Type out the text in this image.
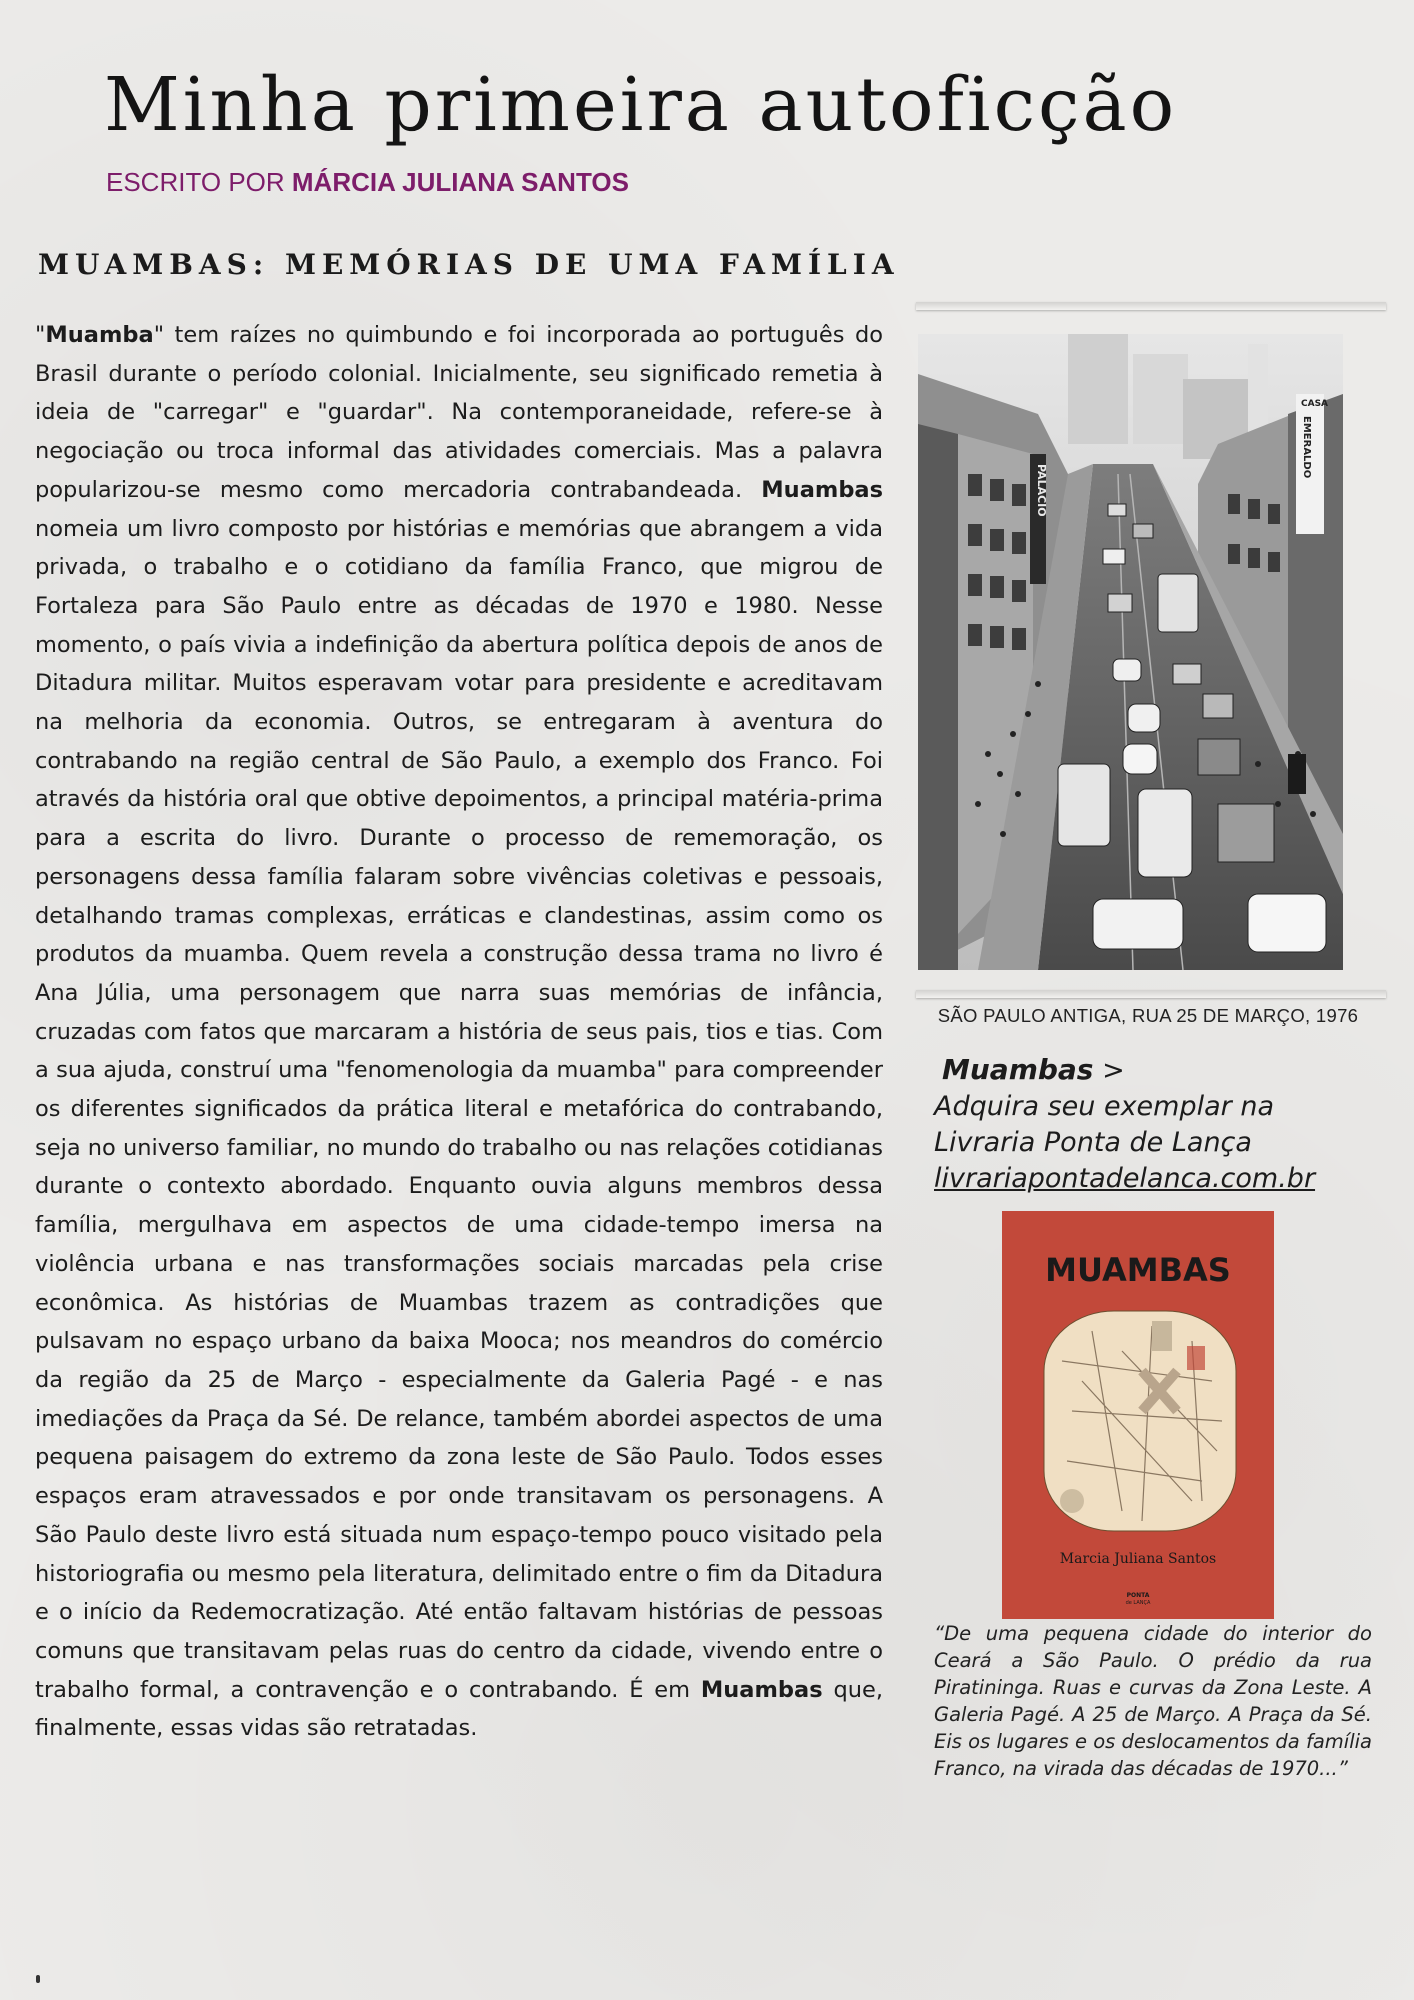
Minha primeira autoficção
ESCRITO POR MÁRCIA JULIANA SANTOS
MUAMBAS: MEMÓRIAS DE UMA FAMÍLIA
"Muamba" tem raízes no quimbundo e foi incorporada ao português do Brasil durante o período colonial. Inicialmente, seu significado remetia à ideia de "carregar" e "guardar". Na contemporaneidade, refere-se à negociação ou troca informal das atividades comerciais. Mas a palavra popularizou-se mesmo como mercadoria contrabandeada. Muambas nomeia um livro composto por histórias e memórias que abrangem a vida privada, o trabalho e o cotidiano da família Franco, que migrou de Fortaleza para São Paulo entre as décadas de 1970 e 1980. Nesse momento, o país vivia a indefinição da abertura política depois de anos de Ditadura militar. Muitos esperavam votar para presidente e acreditavam na melhoria da economia. Outros, se entregaram à aventura do contrabando na região central de São Paulo, a exemplo dos Franco. Foi através da história oral que obtive depoimentos, a principal matéria-prima para a escrita do livro. Durante o processo de rememoração, os personagens dessa família falaram sobre vivências coletivas e pessoais, detalhando tramas complexas, erráticas e clandestinas, assim como os produtos da muamba. Quem revela a construção dessa trama no livro é Ana Júlia, uma personagem que narra suas memórias de infância, cruzadas com fatos que marcaram a história de seus pais, tios e tias. Com a sua ajuda, construí uma "fenomenologia da muamba" para compreender os diferentes significados da prática literal e metafórica do contrabando, seja no universo familiar, no mundo do trabalho ou nas relações cotidianas durante o contexto abordado. Enquanto ouvia alguns membros dessa família, mergulhava em aspectos de uma cidade-tempo imersa na violência urbana e nas transformações sociais marcadas pela crise econômica. As histórias de Muambas trazem as contradições que pulsavam no espaço urbano da baixa Mooca; nos meandros do comércio da região da 25 de Março - especialmente da Galeria Pagé - e nas imediações da Praça da Sé. De relance, também abordei aspectos de uma pequena paisagem do extremo da zona leste de São Paulo. Todos esses espaços eram atravessados e por onde transitavam os personagens. A São Paulo deste livro está situada num espaço-tempo pouco visitado pela historiografia ou mesmo pela literatura, delimitado entre o fim da Ditadura e o início da Redemocratização. Até então faltavam histórias de pessoas comuns que transitavam pelas ruas do centro da cidade, vivendo entre o trabalho formal, a contravenção e o contrabando. É em Muambas que, finalmente, essas vidas são retratadas.
PALACIO
CASA
EMERALDO
SÃO PAULO ANTIGA, RUA 25 DE MARÇO, 1976
Muambas >
Adquira seu exemplar na
Livraria Ponta de Lança
livrariapontadelanca.com.br
MUAMBAS
Marcia Juliana Santos
PONTA
de LANÇA
“De uma pequena cidade do interior do Ceará a São Paulo. O prédio da rua Piratininga. Ruas e curvas da Zona Leste. A Galeria Pagé. A 25 de Março. A Praça da Sé. Eis os lugares e os deslocamentos da família Franco, na virada das décadas de 1970...”
